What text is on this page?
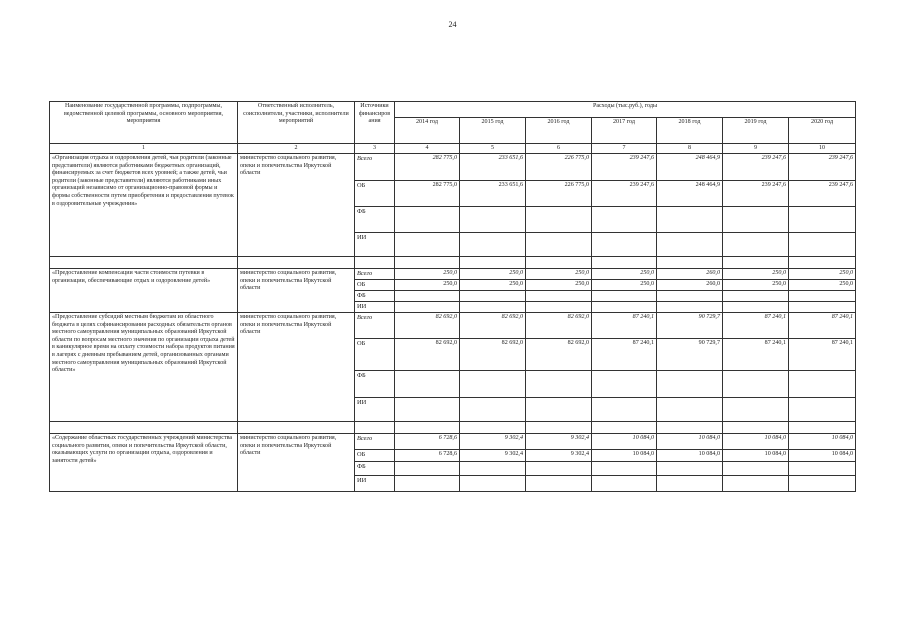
24
Наименование государственной программы, подпрограммы, ведомственной целевой программы, основного мероприятия, мероприятия	Ответственный исполнитель, соисполнители, участники, исполнители мероприятий	Источники финансиров ания	Расходы (тыс.руб.), годы						
			2014 год	2015 год	2016 год	2017 год	2018 год	2019 год	2020 год
1	2	3	4	5	6	7	8	9	10
«Организация отдыха и оздоровления детей, чьи родители (законные представители) являются работниками бюджетных организаций, финансируемых за счет бюджетов всех уровней; а также детей, чьи родители (законные представители) являются работниками иных организаций независимо от организационно-правовой формы и формы собственности путем приобретения и предоставления путевок в оздоровительные учреждения»	министерство социального развития, опеки и попечительства Иркутской области	Всего	282 775,0	233 651,6	226 775,0	239 247,6	248 464,9	239 247,6	239 247,6
		ОБ	282 775,0	233 651,6	226 775,0	239 247,6	248 464,9	239 247,6	239 247,6
		ФБ							
		ИИ							

«Предоставление компенсации части стоимости путевки в организации, обеспечивающие отдых и оздоровление детей»	министерство социального развития, опеки и попечительства Иркутской области	Всего	250,0	250,0	250,0	250,0	260,0	250,0	250,0
		ОБ	250,0	250,0	250,0	250,0	260,0	250,0	250,0
		ФБ							
		ИИ							
«Предоставление субсидий местным бюджетам из областного бюджета в целях софинансирования расходных обязательств органов местного самоуправления муниципальных образований Иркутской области по вопросам местного значения по организации отдыха детей в каникулярное время на оплату стоимости набора продуктов питания в лагерях с дневным пребыванием детей, организованных органами местного самоуправления муниципальных образований Иркутской области»	министерство социального развития, опеки и попечительства Иркутской области	Всего	82 692,0	82 692,0	82 692,0	87 240,1	90 729,7	87 240,1	87 240,1
		ОБ	82 692,0	82 692,0	82 692,0	87 240,1	90 729,7	87 240,1	87 240,1
		ФБ							
		ИИ							

«Содержание областных государственных учреждений министерства социального развития, опеки и попечительства Иркутской области, оказывающих услуги по организации отдыха, оздоровления и занятости детей»	министерство социального развития, опеки и попечительства Иркутской области	Всего	6 728,6	9 302,4	9 302,4	10 084,0	10 084,0	10 084,0	10 084,0
		ОБ	6 728,6	9 302,4	9 302,4	10 084,0	10 084,0	10 084,0	10 084,0
		ФБ							
		ИИ							
